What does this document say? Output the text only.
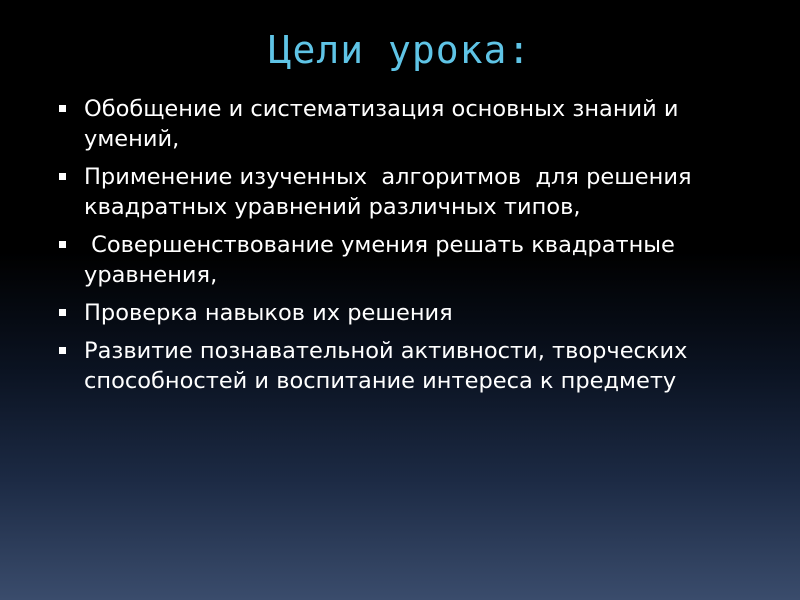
Цели урока:
Обобщение и систематизация основных знаний и умений,
Применение изученных  алгоритмов  для решения квадратных уравнений различных типов,
Совершенствование умения решать квадратные уравнения,
Проверка навыков их решения
Развитие познавательной активности, творческих способностей и воспитание интереса к предмету
